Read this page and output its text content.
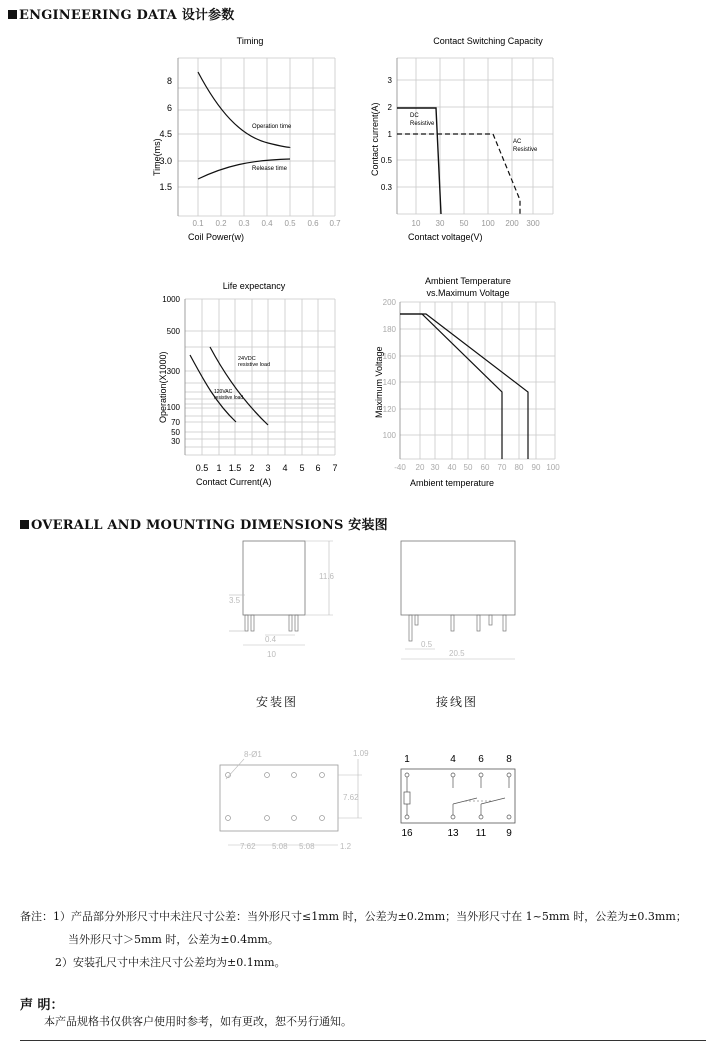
ENGINEERING DATA 设计参数
Timing
8
6
4.5
3.0
1.5
0.1 0.2 0.3 0.4 0.5 0.6 0.7
Operation time
Release time
Time(ms)
Coil Power(w)
Contact Switching Capacity
3
2
1
0.5
0.3
10 30 50 100 200 300
DC
Resistive
AC
Resistive
Contact current(A)
Contact voltage(V)
Life expectancy
1000
500
300
100
70
50
30
0.5 1 1.5 2 3 4 5 6 7
24VDC
resistive load
120VAC
resistive load
Operation(X1000)
Contact Current(A)
Ambient Temperature
vs.Maximum Voltage
200
180
160
140
120
100
-40 20 30 40 50 60 70 80 90 100
Maximum Voltage
Ambient temperature
OVERALL AND MOUNTING DIMENSIONS 安装图
11.6
3.5
0.4
10
0.5
20.5
安装图	接线图
8-Ø1	1.09
7.62
7.62 5.08 5.08	1.2
1	4 6 8
16	13 11 9
备注：1）产品部分外形尺寸中未注尺寸公差：当外形尺寸≤1mm 时，公差为±0.2mm；当外形尺寸在 1~5mm 时，公差为±0.3mm；
当外形尺寸＞5mm 时，公差为±0.4mm。
2）安装孔尺寸中未注尺寸公差均为±0.1mm。
声 明：
本产品规格书仅供客户使用时参考，如有更改，恕不另行通知。
